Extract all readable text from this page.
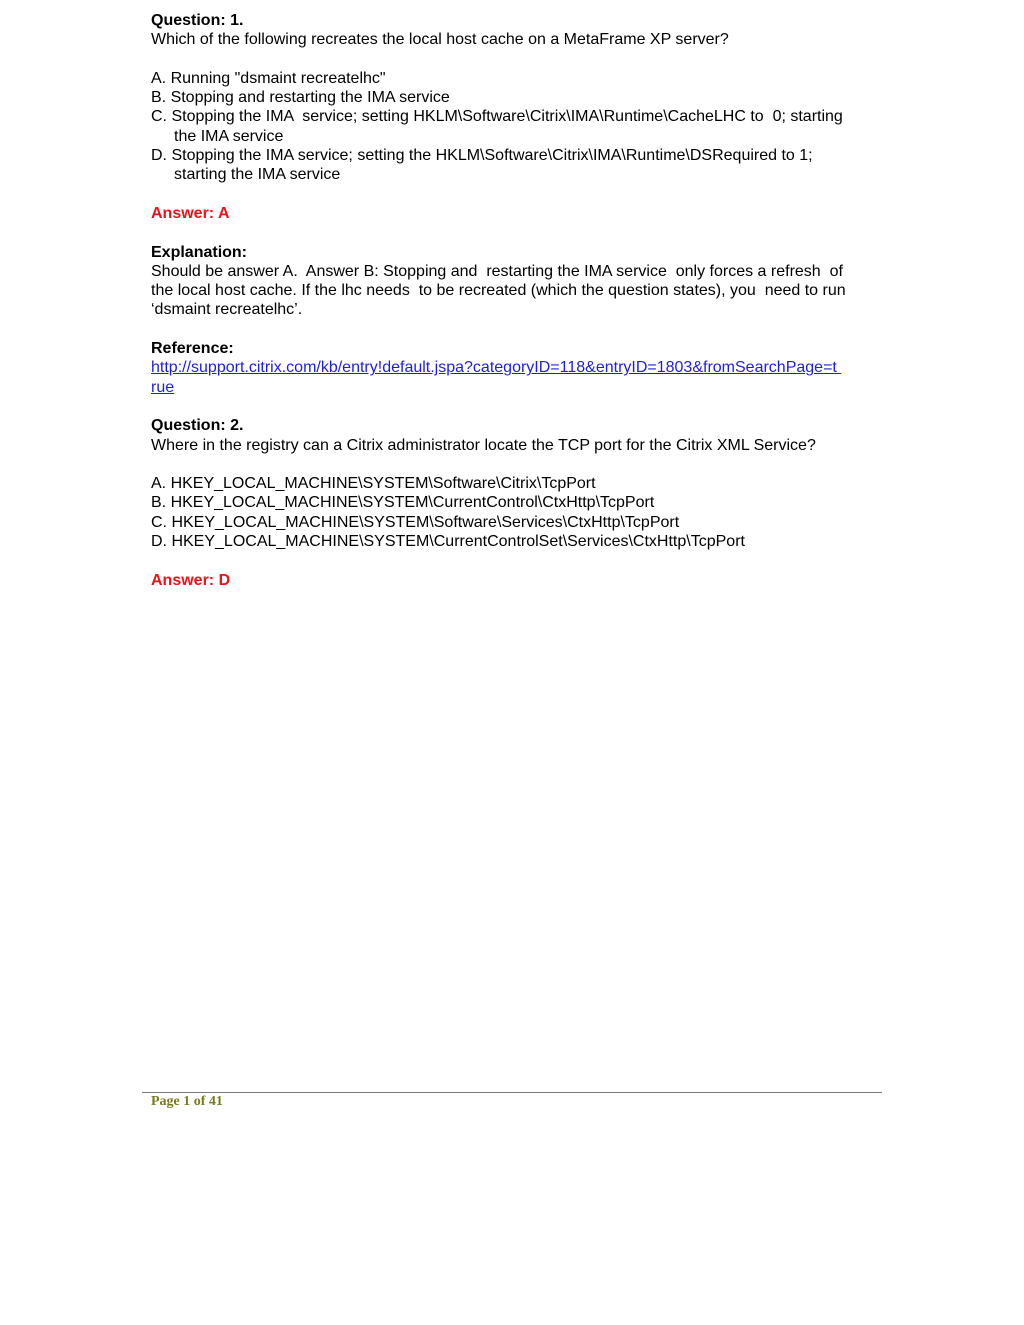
Question: 1.
Which of the following recreates the local host cache on a MetaFrame XP server?
A. Running "dsmaint recreatelhc"
B. Stopping and restarting the IMA service
C. Stopping the IMA  service; setting HKLM\Software\Citrix\IMA\Runtime\CacheLHC to  0; starting
the IMA service
D. Stopping the IMA service; setting the HKLM\Software\Citrix\IMA\Runtime\DSRequired to 1;
starting the IMA service
Answer: A
Explanation:
Should be answer A.  Answer B: Stopping and  restarting the IMA service  only forces a refresh  of
the local host cache. If the lhc needs  to be recreated (which the question states), you  need to run
‘dsmaint recreatelhc’.
Reference:
http://support.citrix.com/kb/entry!default.jspa?categoryID=118&entryID=1803&fromSearchPage=t
rue
Question: 2.
Where in the registry can a Citrix administrator locate the TCP port for the Citrix XML Service?
A. HKEY_LOCAL_MACHINE\SYSTEM\Software\Citrix\TcpPort
B. HKEY_LOCAL_MACHINE\SYSTEM\CurrentControl\CtxHttp\TcpPort
C. HKEY_LOCAL_MACHINE\SYSTEM\Software\Services\CtxHttp\TcpPort
D. HKEY_LOCAL_MACHINE\SYSTEM\CurrentControlSet\Services\CtxHttp\TcpPort
Answer: D
Page 1 of 41
